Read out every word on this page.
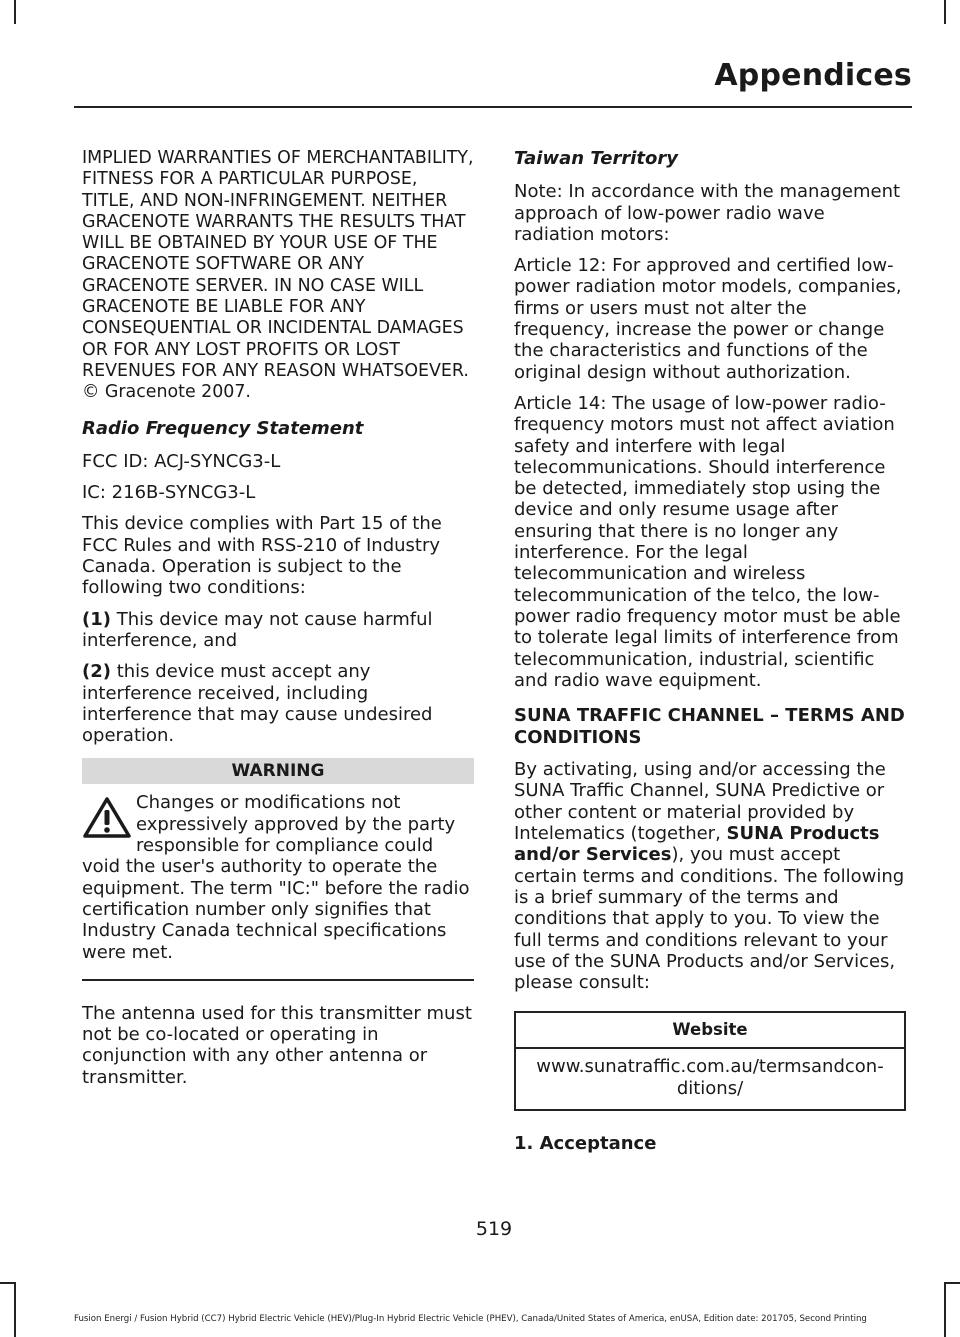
Appendices

IMPLIED WARRANTIES OF MERCHANTABILITY, FITNESS FOR A PARTICULAR PURPOSE, TITLE, AND NON-INFRINGEMENT. NEITHER GRACENOTE WARRANTS THE RESULTS THAT WILL BE OBTAINED BY YOUR USE OF THE GRACENOTE SOFTWARE OR ANY GRACENOTE SERVER. IN NO CASE WILL GRACENOTE BE LIABLE FOR ANY CONSEQUENTIAL OR INCIDENTAL DAMAGES OR FOR ANY LOST PROFITS OR LOST REVENUES FOR ANY REASON WHATSOEVER. © Gracenote 2007.

Radio Frequency Statement

FCC ID: ACJ-SYNCG3-L

IC: 216B-SYNCG3-L

This device complies with Part 15 of the FCC Rules and with RSS-210 of Industry Canada. Operation is subject to the following two conditions:

(1) This device may not cause harmful interference, and

(2) this device must accept any interference received, including interference that may cause undesired operation.

WARNING

Changes or modifications not expressively approved by the party responsible for compliance could void the user's authority to operate the equipment. The term "IC:" before the radio certification number only signifies that Industry Canada technical specifications were met.

The antenna used for this transmitter must not be co-located or operating in conjunction with any other antenna or transmitter.

Taiwan Territory

Note: In accordance with the management approach of low-power radio wave radiation motors:

Article 12: For approved and certified low-power radiation motor models, companies, firms or users must not alter the frequency, increase the power or change the characteristics and functions of the original design without authorization.

Article 14: The usage of low-power radio-frequency motors must not affect aviation safety and interfere with legal telecommunications. Should interference be detected, immediately stop using the device and only resume usage after ensuring that there is no longer any interference. For the legal telecommunication and wireless telecommunication of the telco, the low-power radio frequency motor must be able to tolerate legal limits of interference from telecommunication, industrial, scientific and radio wave equipment.

SUNA TRAFFIC CHANNEL – TERMS AND CONDITIONS

By activating, using and/or accessing the SUNA Traffic Channel, SUNA Predictive or other content or material provided by Intelematics (together, SUNA Products and/or Services), you must accept certain terms and conditions. The following is a brief summary of the terms and conditions that apply to you. To view the full terms and conditions relevant to your use of the SUNA Products and/or Services, please consult:

Website
www.sunatraffic.com.au/termsandcon-ditions/

1. Acceptance

519
Fusion Energi / Fusion Hybrid (CC7) Hybrid Electric Vehicle (HEV)/Plug-In Hybrid Electric Vehicle (PHEV), Canada/United States of America, enUSA, Edition date: 201705, Second Printing
